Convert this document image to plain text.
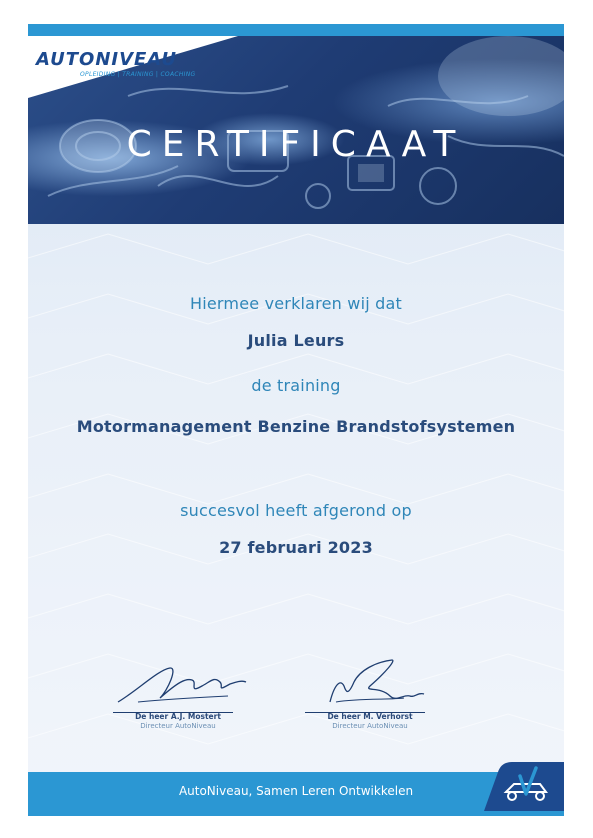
AUTONIVEAU
OPLEIDING | TRAINING | COACHING
CERTIFICAAT
Hiermee verklaren wij dat
Julia Leurs
de training
Motormanagement Benzine Brandstofsystemen
succesvol heeft afgerond op
27 februari 2023
De heer A.J. Mostert
Directeur AutoNiveau
De heer M. Verhorst
Directeur AutoNiveau
AutoNiveau, Samen Leren Ontwikkelen
